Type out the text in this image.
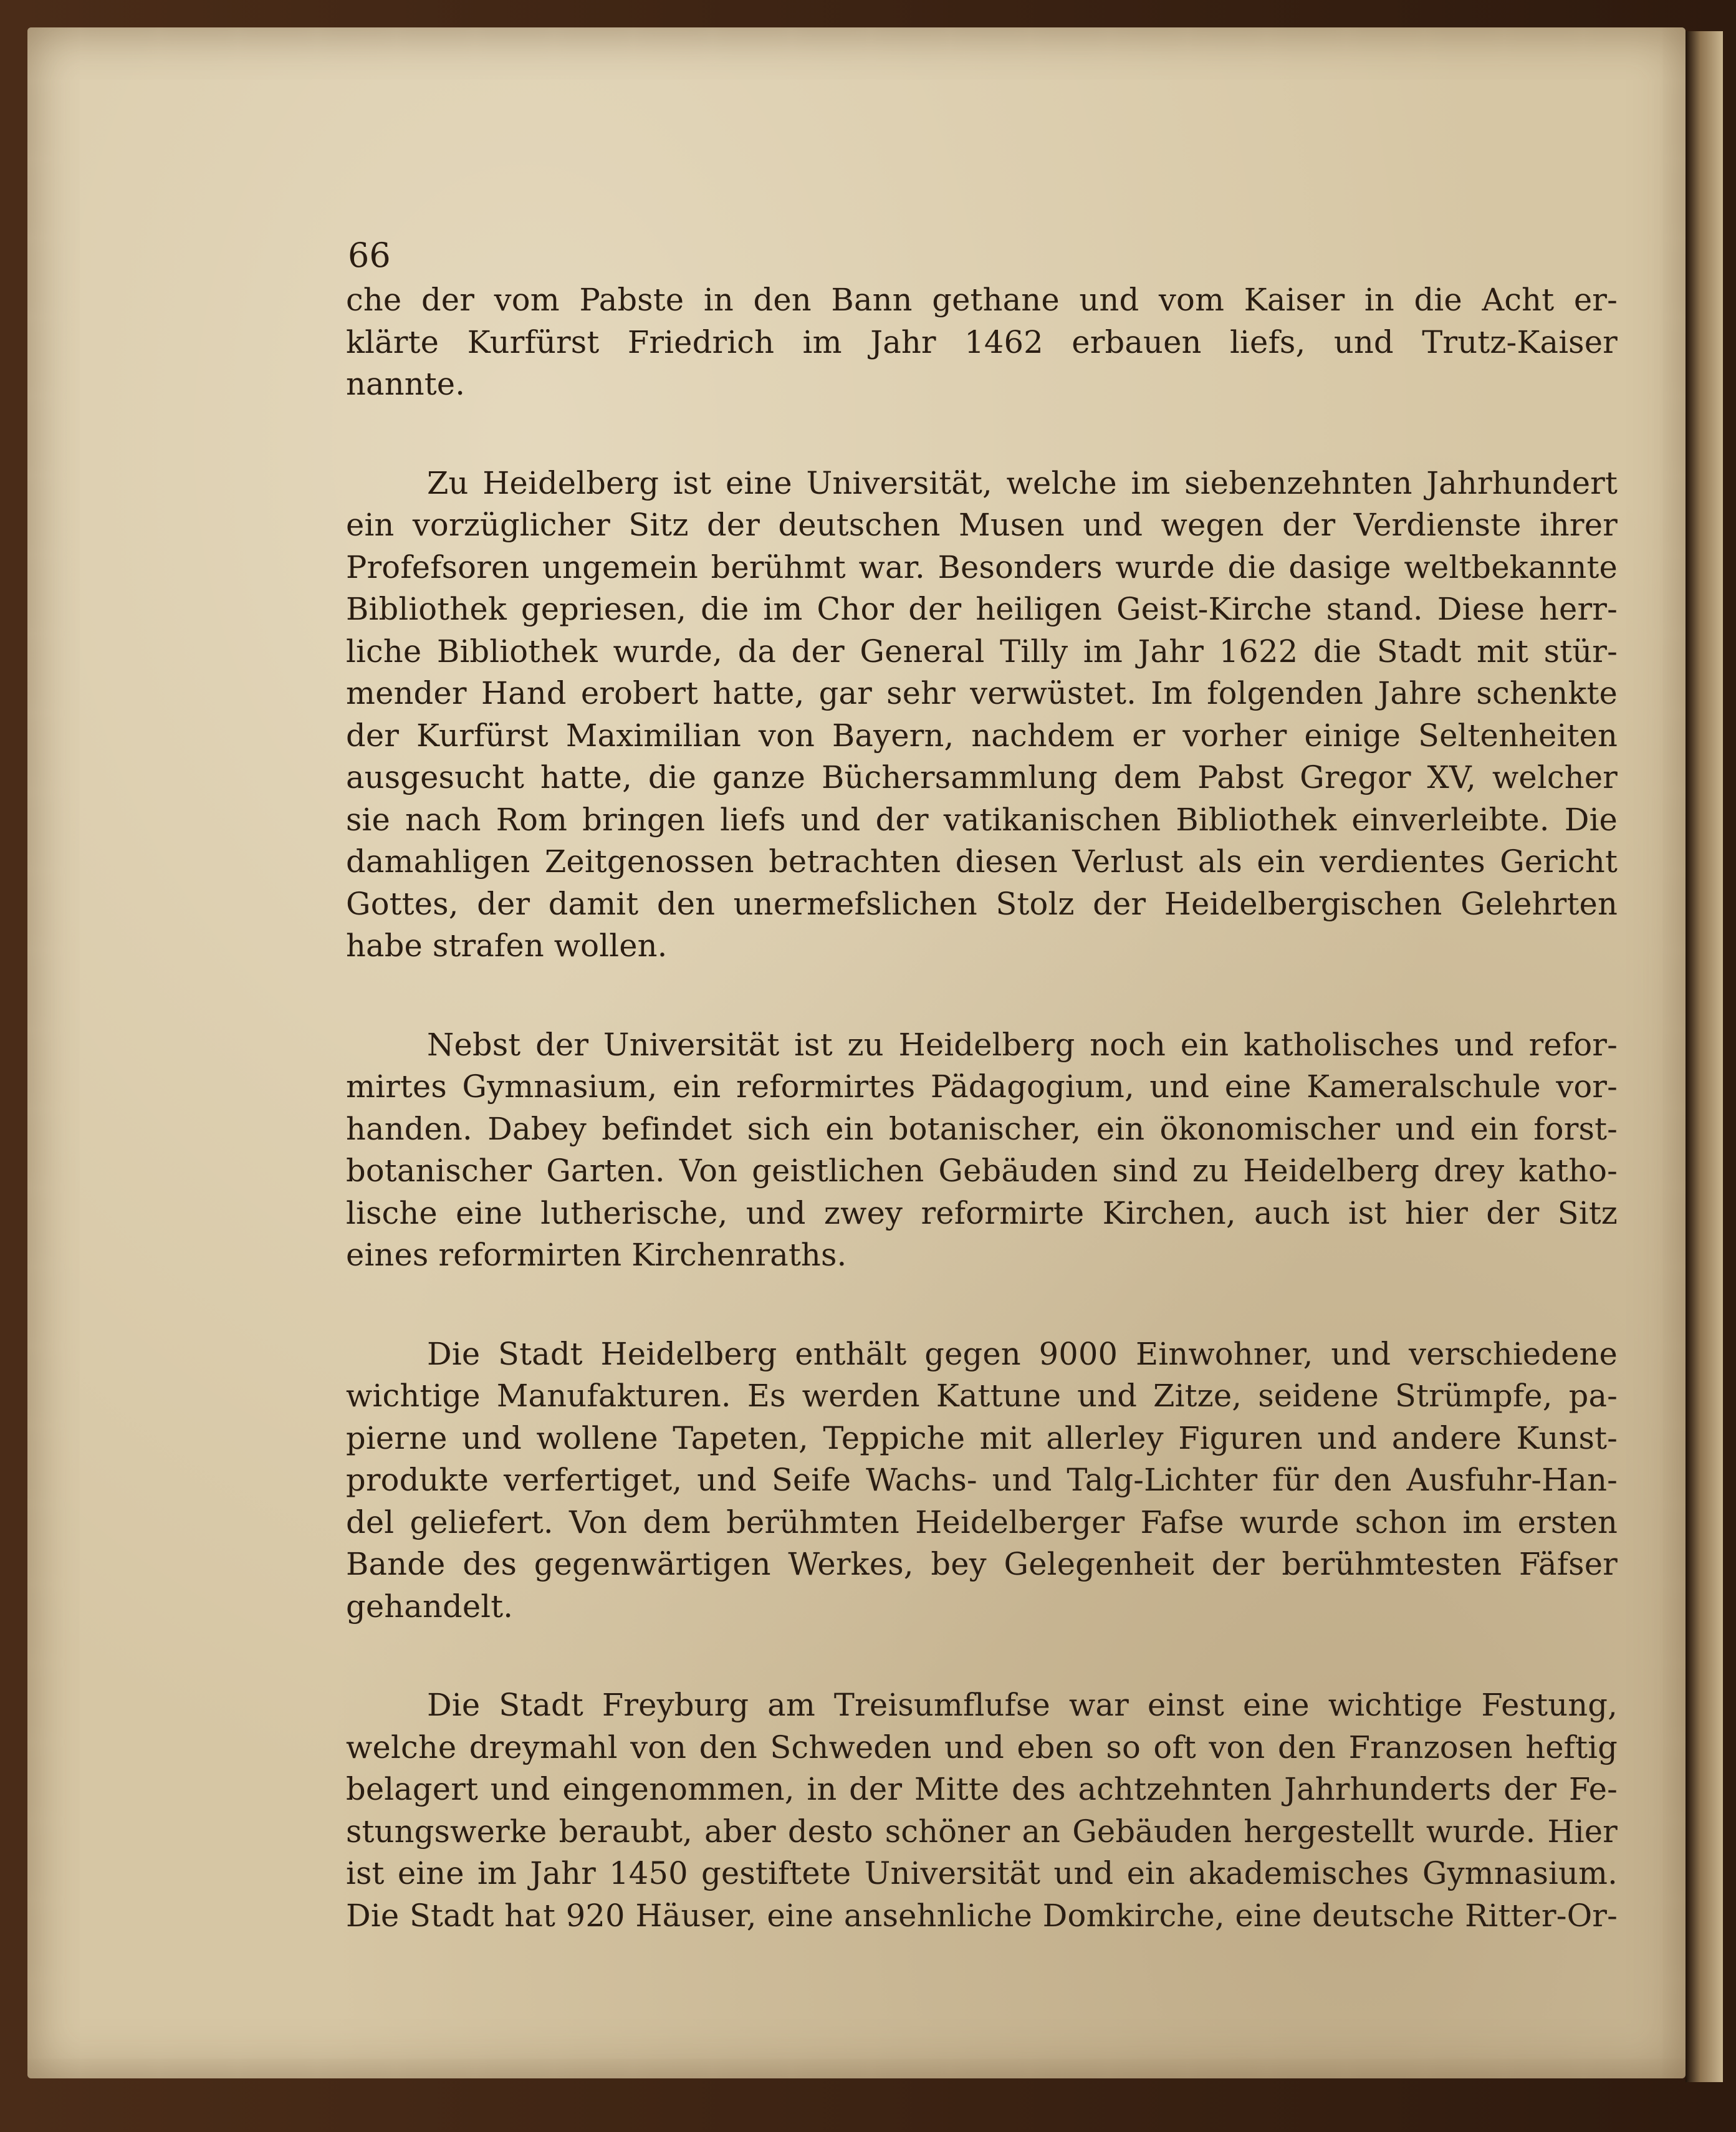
66
che der vom Pabste in den Bann gethane und vom Kaiser in die Acht er-
klärte Kurfürst Friedrich im Jahr 1462 erbauen liefs, und Trutz-Kaiser
nannte.
Zu Heidelberg ist eine Universität, welche im siebenzehnten Jahrhundert
ein vorzüglicher Sitz der deutschen Musen und wegen der Verdienste ihrer
Profefsoren ungemein berühmt war. Besonders wurde die dasige weltbekannte
Bibliothek gepriesen, die im Chor der heiligen Geist-Kirche stand. Diese herr-
liche Bibliothek wurde, da der General Tilly im Jahr 1622 die Stadt mit stür-
mender Hand erobert hatte, gar sehr verwüstet. Im folgenden Jahre schenkte
der Kurfürst Maximilian von Bayern, nachdem er vorher einige Seltenheiten
ausgesucht hatte, die ganze Büchersammlung dem Pabst Gregor XV, welcher
sie nach Rom bringen liefs und der vatikanischen Bibliothek einverleibte. Die
damahligen Zeitgenossen betrachten diesen Verlust als ein verdientes Gericht
Gottes, der damit den unermefslichen Stolz der Heidelbergischen Gelehrten
habe strafen wollen.
Nebst der Universität ist zu Heidelberg noch ein katholisches und refor-
mirtes Gymnasium, ein reformirtes Pädagogium, und eine Kameralschule vor-
handen. Dabey befindet sich ein botanischer, ein ökonomischer und ein forst-
botanischer Garten. Von geistlichen Gebäuden sind zu Heidelberg drey katho-
lische eine lutherische, und zwey reformirte Kirchen, auch ist hier der Sitz
eines reformirten Kirchenraths.
Die Stadt Heidelberg enthält gegen 9000 Einwohner, und verschiedene
wichtige Manufakturen. Es werden Kattune und Zitze, seidene Strümpfe, pa-
pierne und wollene Tapeten, Teppiche mit allerley Figuren und andere Kunst-
produkte verfertiget, und Seife Wachs- und Talg-Lichter für den Ausfuhr-Han-
del geliefert. Von dem berühmten Heidelberger Fafse wurde schon im ersten
Bande des gegenwärtigen Werkes, bey Gelegenheit der berühmtesten Fäfser
gehandelt.
Die Stadt Freyburg am Treisumflufse war einst eine wichtige Festung,
welche dreymahl von den Schweden und eben so oft von den Franzosen heftig
belagert und eingenommen, in der Mitte des achtzehnten Jahrhunderts der Fe-
stungswerke beraubt, aber desto schöner an Gebäuden hergestellt wurde. Hier
ist eine im Jahr 1450 gestiftete Universität und ein akademisches Gymnasium.
Die Stadt hat 920 Häuser, eine ansehnliche Domkirche, eine deutsche Ritter-Or-
